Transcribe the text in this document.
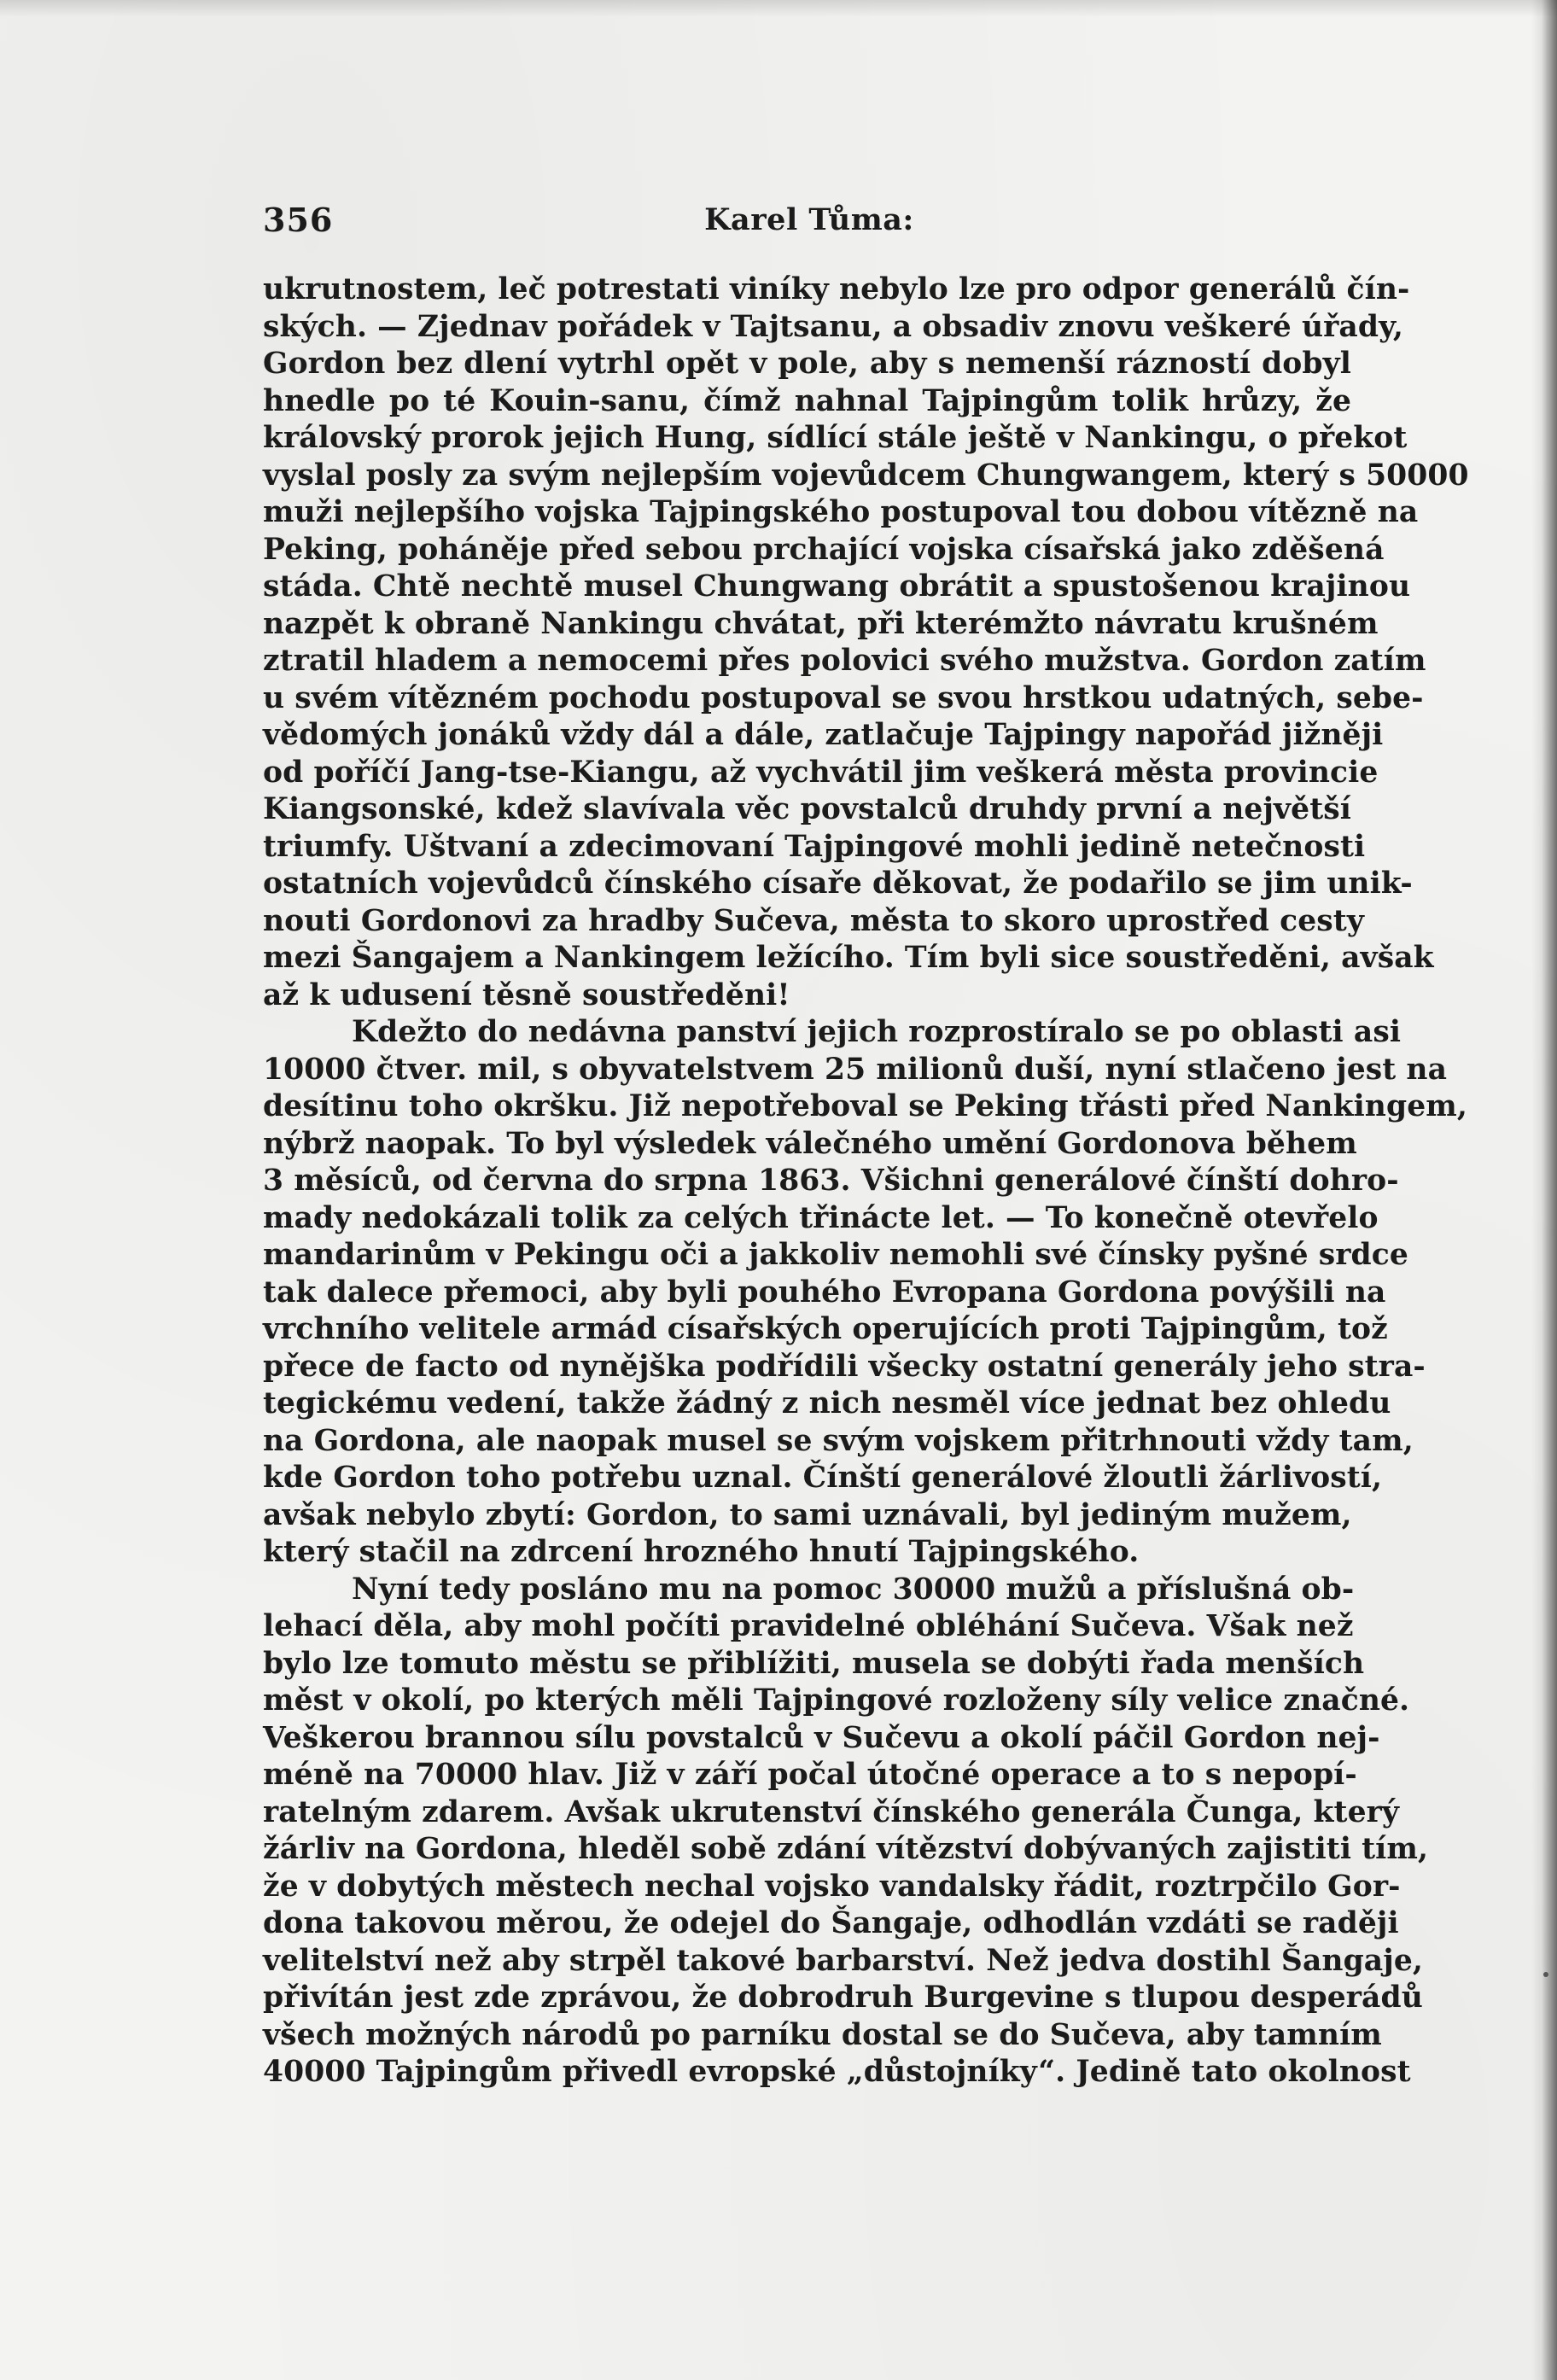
356	Karel Tůma:
ukrutnostem, leč potrestati viníky nebylo lze pro odpor generálů čín-
ských. — Zjednav pořádek v Tajtsanu, a obsadiv znovu veškeré úřady,
Gordon bez dlení vytrhl opět v pole, aby s nemenší rázností dobyl
hnedle po té Kouin-sanu, čímž nahnal Tajpingům tolik hrůzy, že
královský prorok jejich Hung, sídlící stále ještě v Nankingu, o překot
vyslal posly za svým nejlepším vojevůdcem Chungwangem, který s 50000
muži nejlepšího vojska Tajpingského postupoval tou dobou vítězně na
Peking, poháněje před sebou prchající vojska císařská jako zděšená
stáda. Chtě nechtě musel Chungwang obrátit a spustošenou krajinou
nazpět k obraně Nankingu chvátat, při kterémžto návratu krušném
ztratil hladem a nemocemi přes polovici svého mužstva. Gordon zatím
u svém vítězném pochodu postupoval se svou hrstkou udatných, sebe-
vědomých jonáků vždy dál a dále, zatlačuje Tajpingy napořád jižněji
od poříčí Jang-tse-Kiangu, až vychvátil jim veškerá města provincie
Kiangsonské, kdež slavívala věc povstalců druhdy první a největší
triumfy. Uštvaní a zdecimovaní Tajpingové mohli jedině netečnosti
ostatních vojevůdců čínského císaře děkovat, že podařilo se jim unik-
nouti Gordonovi za hradby Sučeva, města to skoro uprostřed cesty
mezi Šangajem a Nankingem ležícího. Tím byli sice soustředěni, avšak
až k udusení těsně soustředěni!
Kdežto do nedávna panství jejich rozprostíralo se po oblasti asi
10000 čtver. mil, s obyvatelstvem 25 milionů duší, nyní stlačeno jest na
desítinu toho okršku. Již nepotřeboval se Peking třásti před Nankingem,
nýbrž naopak. To byl výsledek válečného umění Gordonova během
3 měsíců, od června do srpna 1863. Všichni generálové čínští dohro-
mady nedokázali tolik za celých třinácte let. — To konečně otevřelo
mandarinům v Pekingu oči a jakkoliv nemohli své čínsky pyšné srdce
tak dalece přemoci, aby byli pouhého Evropana Gordona povýšili na
vrchního velitele armád císařských operujících proti Tajpingům, tož
přece de facto od nynějška podřídili všecky ostatní generály jeho stra-
tegickému vedení, takže žádný z nich nesměl více jednat bez ohledu
na Gordona, ale naopak musel se svým vojskem přitrhnouti vždy tam,
kde Gordon toho potřebu uznal. Čínští generálové žloutli žárlivostí,
avšak nebylo zbytí: Gordon, to sami uznávali, byl jediným mužem,
který stačil na zdrcení hrozného hnutí Tajpingského.
Nyní tedy posláno mu na pomoc 30000 mužů a příslušná ob-
lehací děla, aby mohl počíti pravidelné obléhání Sučeva. Však než
bylo lze tomuto městu se přiblížiti, musela se dobýti řada menších
měst v okolí, po kterých měli Tajpingové rozloženy síly velice značné.
Veškerou brannou sílu povstalců v Sučevu a okolí páčil Gordon nej-
méně na 70000 hlav. Již v září počal útočné operace a to s nepopí-
ratelným zdarem. Avšak ukrutenství čínského generála Čunga, který
žárliv na Gordona, hleděl sobě zdání vítězství dobývaných zajistiti tím,
že v dobytých městech nechal vojsko vandalsky řádit, roztrpčilo Gor-
dona takovou měrou, že odejel do Šangaje, odhodlán vzdáti se raději
velitelství než aby strpěl takové barbarství. Než jedva dostihl Šangaje,
přivítán jest zde zprávou, že dobrodruh Burgevine s tlupou desperádů
všech možných národů po parníku dostal se do Sučeva, aby tamním
40000 Tajpingům přivedl evropské „důstojníky“. Jedině tato okolnost
